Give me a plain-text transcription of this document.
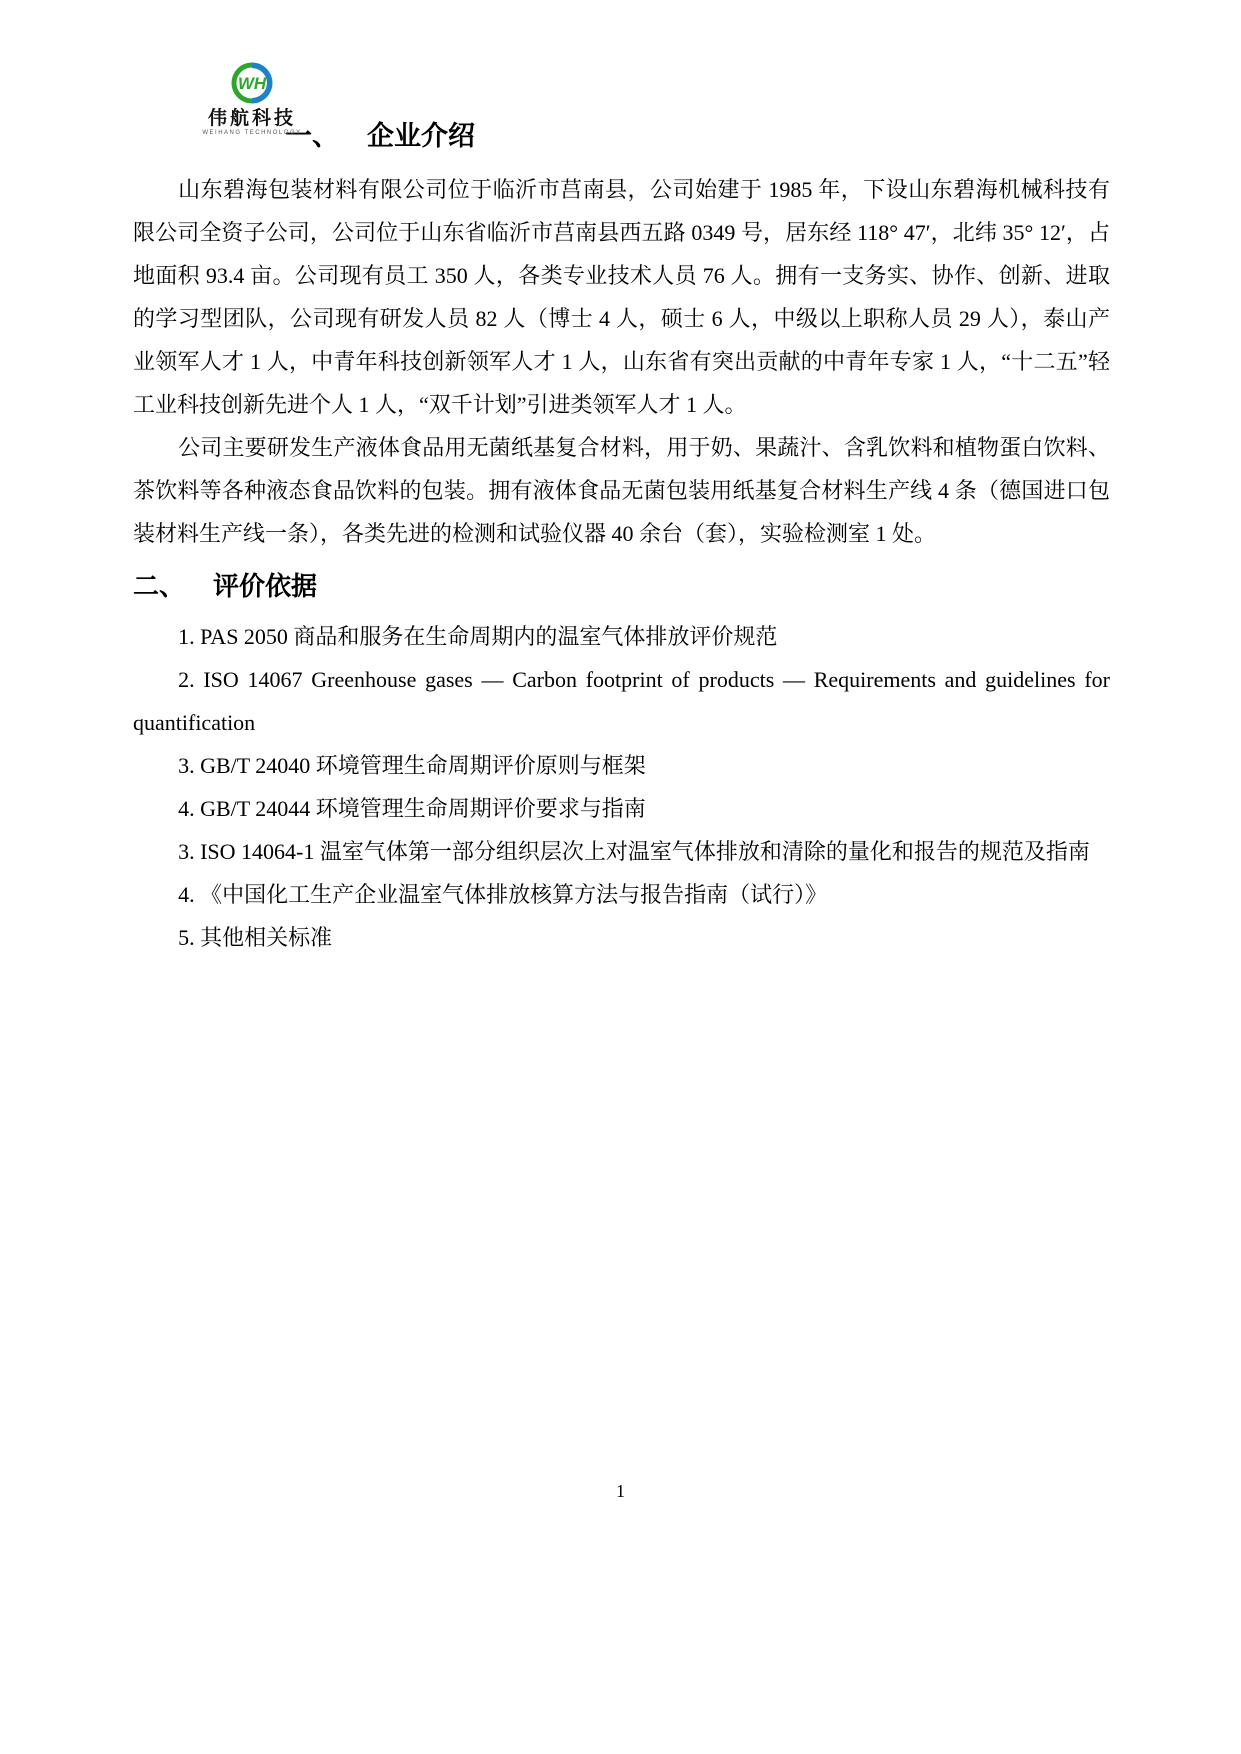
WH
伟航科技
WEIHANG TECHNOLOGY
一、 企业介绍

山东碧海包装材料有限公司位于临沂市莒南县，公司始建于 1985 年，下设山东碧海机械科技有限公司全资子公司，公司位于山东省临沂市莒南县西五路 0349 号，居东经 118° 47′，北纬 35° 12′，占地面积 93.4 亩。公司现有员工 350 人，各类专业技术人员 76 人。拥有一支务实、协作、创新、进取的学习型团队，公司现有研发人员 82 人（博士 4 人，硕士 6 人，中级以上职称人员 29 人），泰山产业领军人才 1 人，中青年科技创新领军人才 1 人，山东省有突出贡献的中青年专家 1 人，“十二五”轻工业科技创新先进个人 1 人，“双千计划”引进类领军人才 1 人。

公司主要研发生产液体食品用无菌纸基复合材料，用于奶、果蔬汁、含乳饮料和植物蛋白饮料、茶饮料等各种液态食品饮料的包装。拥有液体食品无菌包装用纸基复合材料生产线 4 条（德国进口包装材料生产线一条），各类先进的检测和试验仪器 40 余台（套），实验检测室 1 处。

二、 评价依据

1. PAS 2050 商品和服务在生命周期内的温室气体排放评价规范

2. ISO 14067 Greenhouse gases — Carbon footprint of products — Requirements and guidelines for quantification

3. GB/T 24040 环境管理生命周期评价原则与框架

4. GB/T 24044 环境管理生命周期评价要求与指南

3. ISO 14064-1 温室气体第一部分组织层次上对温室气体排放和清除的量化和报告的规范及指南

4. 《中国化工生产企业温室气体排放核算方法与报告指南（试行）》

5. 其他相关标准

1
